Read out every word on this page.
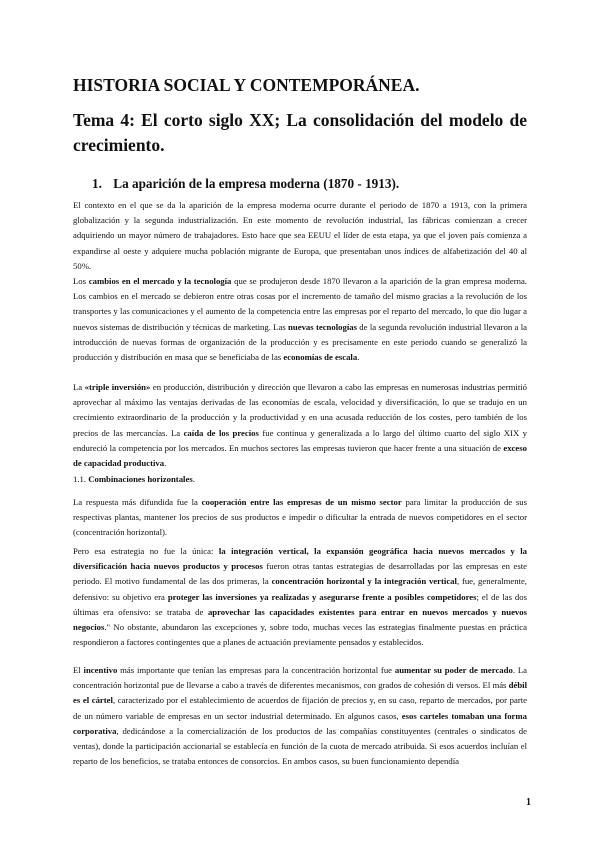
HISTORIA SOCIAL Y CONTEMPORÁNEA.
Tema 4: El corto siglo XX; La consolidación del modelo de crecimiento.
1. La aparición de la empresa moderna (1870 - 1913).

El contexto en el que se da la aparición de la empresa moderna ocurre durante el periodo de 1870 a 1913, con la primera globalización y la segunda industrialización. En este momento de revolución industrial, las fábricas comienzan a crecer adquiriendo un mayor número de trabajadores. Esto hace que sea EEUU el líder de esta etapa, ya que el joven país comienza a expandirse al oeste y adquiere mucha población migrante de Europa, que presentaban unos índices de alfabetización del 40 al 50%.

Los cambios en el mercado y la tecnología que se produjeron desde 1870 llevaron a la aparición de la gran empresa moderna. Los cambios en el mercado se debieron entre otras cosas por el incremento de tamaño del mismo gracias a la revolución de los transportes y las comunicaciones y el aumento de la competencia entre las empresas por el reparto del mercado, lo que dio lugar a nuevos sistemas de distribución y técnicas de marketing. Las nuevas tecnologías de la segunda revolución industrial llevaron a la introducción de nuevas formas de organización de la producción y es precisamente en este periodo cuando se generalizó la producción y distribución en masa que se beneficiaba de las economías de escala.

La «triple inversión» en producción, distribución y dirección que llevaron a cabo las empresas en numerosas industrias permitió aprovechar al máximo las ventajas derivadas de las economías de escala, velocidad y diversificación, lo que se tradujo en un crecimiento extraordinario de la producción y la productividad y en una acusada reducción de los costes, pero también de los precios de las mercancías. La caída de los precios fue continua y generalizada a lo largo del último cuarto del siglo XIX y endureció la competencia por los mercados. En muchos sectores las empresas tuvieron que hacer frente a una situación de exceso de capacidad productiva.

1.1. Combinaciones horizontales.

La respuesta más difundida fue la cooperación entre las empresas de un mismo sector para limitar la producción de sus respectivas plantas, mantener los precios de sus productos e impedir o dificultar la entrada de nuevos competidores en el sector (concentración horizontal).

Pero esa estrategia no fue la única: la integración vertical, la expansión geográfica hacia nuevos mercados y la diversificación hacia nuevos productos y procesos fueron otras tantas estrategias de desarrolladas por las empresas en este periodo. El motivo fundamental de las dos primeras, la concentración horizontal y la integración vertical, fue, generalmente, defensivo: su objetivo era proteger las inversiones ya realizadas y asegurarse frente a posibles competidores; el de las dos últimas era ofensivo: se trataba de aprovechar las capacidades existentes para entrar en nuevos mercados y nuevos negocios." No obstante, abundaron las excepciones y, sobre todo, muchas veces las estrategias finalmente puestas en práctica respondieron a factores contingentes que a planes de actuación previamente pensados y establecidos.

El incentivo más importante que tenían las empresas para la concentración horizontal fue aumentar su poder de mercado. La concentración horizontal pue de llevarse a cabo a través de diferentes mecanismos, con grados de cohesión di versos. El más débil es el cártel, caracterizado por el establecimiento de acuerdos de fijación de precios y, en su caso, reparto de mercados, por parte de un número variable de empresas en un sector industrial determinado. En algunos casos, esos carteles tomaban una forma corporativa, dedicándose a la comercialización de los productos de las compañías constituyentes (centrales o sindicatos de ventas), donde la participación accionarial se establecía en función de la cuota de mercado atribuida. Si esos acuerdos incluían el reparto de los beneficios, se trataba entonces de consorcios. En ambos casos, su buen funcionamiento dependía

1
